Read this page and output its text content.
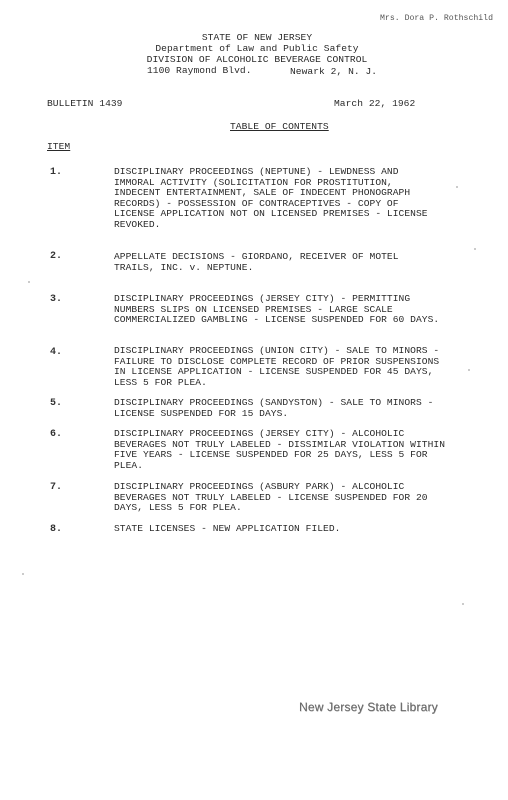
Mrs. Dora P. Rothschild
STATE OF NEW JERSEY
Department of Law and Public Safety
DIVISION OF ALCOHOLIC BEVERAGE CONTROL
1100 Raymond Blvd.	Newark 2, N. J.
BULLETIN 1439	March 22, 1962
TABLE OF CONTENTS
ITEM
1.	DISCIPLINARY PROCEEDINGS (NEPTUNE) - LEWDNESS AND IMMORAL ACTIVITY (SOLICITATION FOR PROSTITUTION, INDECENT ENTERTAINMENT, SALE OF INDECENT PHONOGRAPH RECORDS) - POSSESSION OF CONTRACEPTIVES - COPY OF LICENSE APPLICATION NOT ON LICENSED PREMISES - LICENSE REVOKED.
2.	APPELLATE DECISIONS - GIORDANO, RECEIVER OF MOTEL TRAILS, INC. v. NEPTUNE.
3.	DISCIPLINARY PROCEEDINGS (JERSEY CITY) - PERMITTING NUMBERS SLIPS ON LICENSED PREMISES - LARGE SCALE COMMERCIALIZED GAMBLING - LICENSE SUSPENDED FOR 60 DAYS.
4.	DISCIPLINARY PROCEEDINGS (UNION CITY) - SALE TO MINORS - FAILURE TO DISCLOSE COMPLETE RECORD OF PRIOR SUSPENSIONS IN LICENSE APPLICATION - LICENSE SUSPENDED FOR 45 DAYS, LESS 5 FOR PLEA.
5.	DISCIPLINARY PROCEEDINGS (SANDYSTON) - SALE TO MINORS - LICENSE SUSPENDED FOR 15 DAYS.
6.	DISCIPLINARY PROCEEDINGS (JERSEY CITY) - ALCOHOLIC BEVERAGES NOT TRULY LABELED - DISSIMILAR VIOLATION WITHIN FIVE YEARS - LICENSE SUSPENDED FOR 25 DAYS, LESS 5 FOR PLEA.
7.	DISCIPLINARY PROCEEDINGS (ASBURY PARK) - ALCOHOLIC BEVERAGES NOT TRULY LABELED - LICENSE SUSPENDED FOR 20 DAYS, LESS 5 FOR PLEA.
8.	STATE LICENSES - NEW APPLICATION FILED.
New Jersey State Library
